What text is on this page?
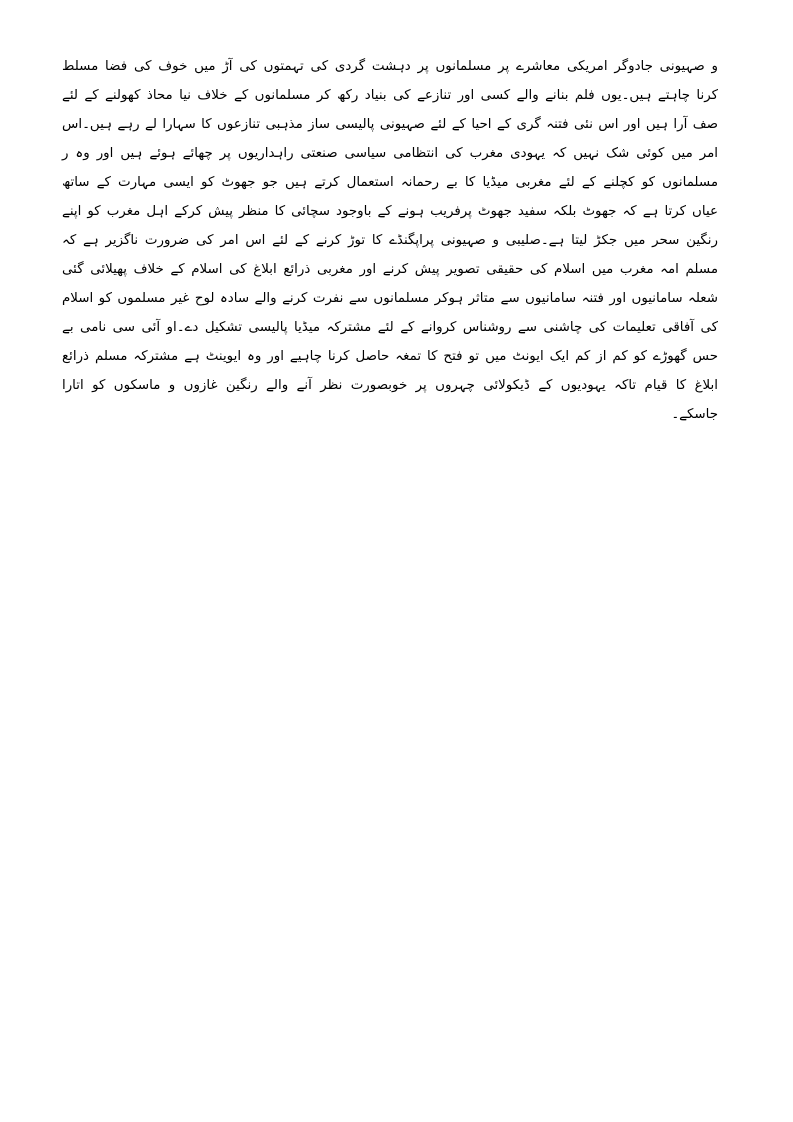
و صہیونی جادوگر امریکی معاشرے پر مسلمانوں پر دہشت گردی کی تہمتوں کی آڑ میں خوف کی فضا مسلط
کرنا چاہتے ہیں۔یوں فلم بنانے والے کسی اور تنازعے کی بنیاد رکھ کر مسلمانوں کے خلاف نیا محاذ کھولنے کے لئے
صف آرا ہیں اور اس نئی فتنہ گری کے احیا کے لئے صہیونی پالیسی ساز مذہبی تنازعوں کا سہارا لے رہے ہیں۔اس
امر میں کوئی شک نہیں کہ یہودی مغرب کی انتظامی سیاسی صنعتی راہداریوں پر چھائے ہوئے ہیں اور وہ ر
مسلمانوں کو کچلنے کے لئے مغربی میڈیا کا بے رحمانہ استعمال کرتے ہیں جو جھوٹ کو ایسی مہارت کے ساتھ
عیاں کرتا ہے کہ جھوٹ بلکہ سفید جھوٹ پرفریب ہونے کے باوجود سچائی کا منظر پیش کرکے اہل مغرب کو اپنے
رنگین سحر میں جکڑ لیتا ہے۔صلیبی و صہیونی پراپگنڈے کا توڑ کرنے کے لئے اس امر کی ضرورت ناگزیر ہے کہ
مسلم امہ مغرب میں اسلام کی حقیقی تصویر پیش کرنے اور مغربی ذرائع ابلاغ کی اسلام کے خلاف پھیلائی گئی
شعلہ سامانیوں اور فتنہ سامانیوں سے متاثر ہوکر مسلمانوں سے نفرت کرنے والے سادہ لوح غیر مسلموں کو اسلام
کی آفاقی تعلیمات کی چاشنی سے روشناس کروانے کے لئے مشترکہ میڈیا پالیسی تشکیل دے۔او آئی سی نامی بے
حس گھوڑے کو کم از کم ایک ایونٹ میں تو فتح کا تمغہ حاصل کرنا چاہیے اور وہ ایوینٹ ہے مشترکہ مسلم ذرائع
ابلاغ کا قیام تاکہ یہودیوں کے ڈیکولائی چہروں پر خوبصورت نظر آنے والے رنگین غازوں و ماسکوں کو اتارا
جاسکے۔
